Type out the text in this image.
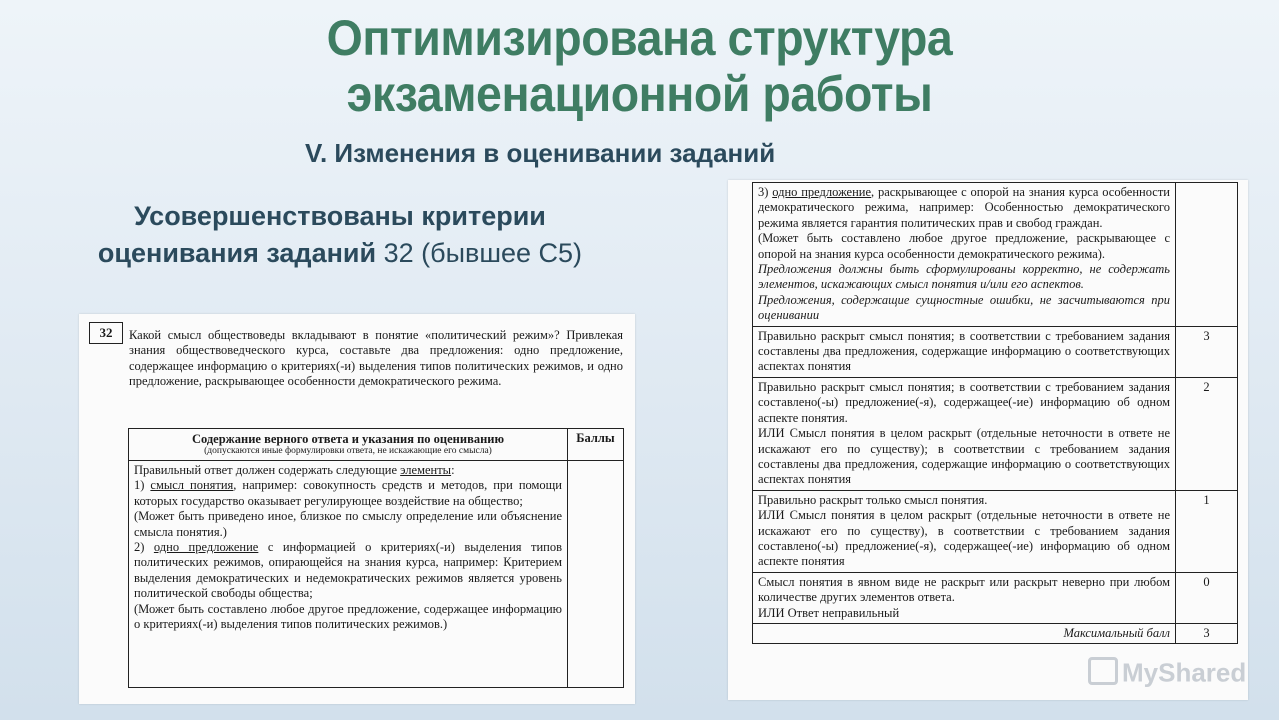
Оптимизирована структура
экзаменационной работы
V. Изменения в оценивании заданий
Усовершенствованы критерии
оценивания заданий 32 (бывшее С5)
32	Какой смысл обществоведы вкладывают в понятие «политический режим»? Привлекая знания обществоведческого курса, составьте два предложения: одно предложение, содержащее информацию о критериях(-и) выделения типов политических режимов, и одно предложение, раскрывающее особенности демократического режима.
Содержание верного ответа и указания по оцениванию
(допускаются иные формулировки ответа, не искажающие его смысла)	Баллы

Правильный ответ должен содержать следующие элементы:
1) смысл понятия, например: совокупность средств и методов, при помощи которых государство оказывает регулирующее воздействие на общество;
(Может быть приведено иное, близкое по смыслу определение или объяснение смысла понятия.)
2) одно предложение с информацией о критериях(-и) выделения типов политических режимов, опирающейся на знания курса, например: Критерием выделения демократических и недемократических режимов является уровень политической свободы общества;
(Может быть составлено любое другое предложение, содержащее информацию о критериях(-и) выделения типов политических режимов.)	

3) одно предложение, раскрывающее с опорой на знания курса особенности демократического режима, например: Особенностью демократического режима является гарантия политических прав и свобод граждан.
(Может быть составлено любое другое предложение, раскрывающее с опорой на знания курса особенности демократического режима).
Предложения должны быть сформулированы корректно, не содержать элементов, искажающих смысл понятия и/или его аспектов.
Предложения, содержащие сущностные ошибки, не засчитываются при оценивании	

Правильно раскрыт смысл понятия; в соответствии с требованием задания составлены два предложения, содержащие информацию о соответствующих аспектах понятия	3
Правильно раскрыт смысл понятия; в соответствии с требованием задания составлено(-ы) предложение(-я), содержащее(-ие) информацию об одном аспекте понятия.
ИЛИ Смысл понятия в целом раскрыт (отдельные неточности в ответе не искажают его по существу); в соответствии с требованием задания составлены два предложения, содержащие информацию о соответствующих аспектах понятия	2
Правильно раскрыт только смысл понятия.
ИЛИ Смысл понятия в целом раскрыт (отдельные неточности в ответе не искажают его по существу), в соответствии с требованием задания составлено(-ы) предложение(-я), содержащее(-ие) информацию об одном аспекте понятия	1
Смысл понятия в явном виде не раскрыт или раскрыт неверно при любом количестве других элементов ответа.
ИЛИ Ответ неправильный	0
Максимальный балл	3
MyShared
